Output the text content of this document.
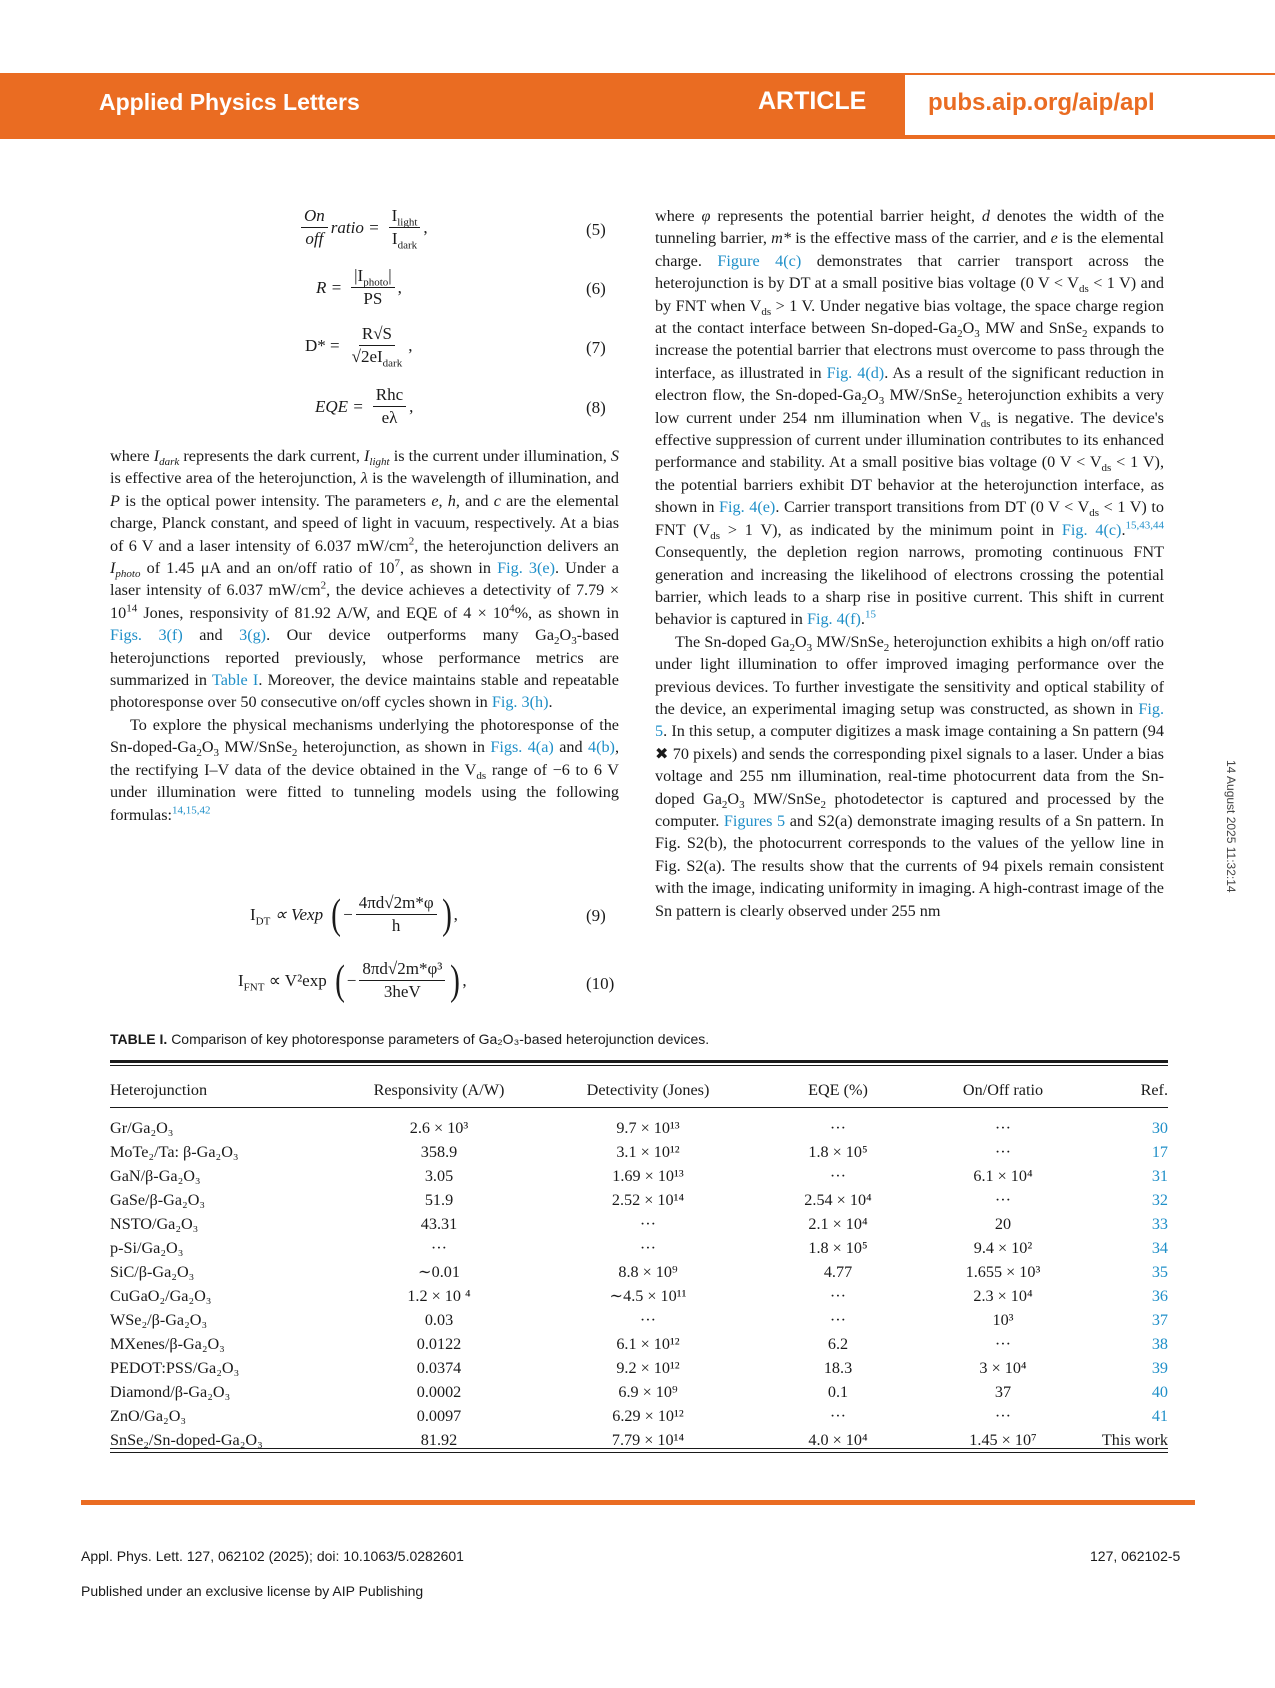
Applied Physics Letters	ARTICLE	pubs.aip.org/aip/apl
$\frac{On}{\text{off}}$ ratio = $\frac{I_{light}}{I_{dark}}$ ,	(5)
$R = \frac{|I_{photo}|}{PS}$ ,	(6)
$D* = \frac{R√S}{√2eI_{dark}}$ ,	(7)
EQE = $\frac{\text{Rhc}}{e\lambda}$ ,	(8)

where $I_{dark}$ represents the dark current, $I_{light}$ is the current under illumination, S is effective area of the heterojunction, λ is the wavelength of illumination, and P is the optical power intensity. The parameters e, h, and c are the elemental charge, Planck constant, and speed of light in vacuum, respectively. At a bias of 6 V and a laser intensity of 6.037 $mW/cm^2$, the heterojunction delivers an $I_{photo}$ of 1.45 μA and an on/off ratio of $10^7$, as shown in Fig. 3(e). Under a laser intensity of 6.037 $mW/cm^2$, the device achieves a detectivity of $7.79 \times 10^{14}$ Jones, responsivity of 81.92 A/W, and EQE of $4 \times 10^4\%$, as shown in Figs. 3(f) and 3(g). Our device outperforms many $Ga_2O_3$-based heterojunctions reported previously, whose performance metrics are summarized in Table I. Moreover, the device maintains stable and repeatable photoresponse over 50 consecutive on/off cycles shown in Fig. 3(h).

To explore the physical mechanisms underlying the photoresponse of the $Sn-doped-Ga_2O_3$ MW/SnSe$_2$ heterojunction, as shown in Figs. 4(a) and 4(b), the rectifying I–V data of the device obtained in the $V_{ds}$ range of −6 to 6 V under illumination were fitted to tunneling models using the following formulas:$^{14,15,42}$

$I_{DT} \propto Vexp$ ( − $\frac{4\pi d√2m*\varphi}{h}$ ) ,	(9)
$I_{FNT} \propto V^2\exp$ ( − $\frac{\text{8πd√2m*φ³}}{\text{3heV}}$ ) ,	(10)

where φ represents the potential barrier height, d denotes the width of the tunneling barrier, m* is the effective mass of the carrier, and e is the elemental charge. Figure 4(c) demonstrates that carrier transport across the heterojunction is by DT at a small positive bias voltage (0 $V < V_{ds} < 1$ V) and by FNT when $V_{ds} > 1$ V. Under negative bias voltage, the space charge region at the contact interface between $Sn-doped-Ga_2O_3$ MW and SnSe$_2$ expands to increase the potential barrier that electrons must overcome to pass through the interface, as illustrated in Fig. 4(d). As a result of the significant reduction in electron flow, the $Sn-doped-Ga_2O_3$ MW/SnSe$_2$ heterojunction exhibits a very low current under 254 nm illumination when $V_{ds}$ is negative. The device's effective suppression of current under illumination contributes to its enhanced performance and stability. At a small positive bias voltage (0 $V < V_{ds} < 1$ V), the potential barriers exhibit DT behavior at the heterojunction interface, as shown in Fig. 4(e). Carrier transport transitions from DT (0 $V < V_{ds} < 1$ V) to FNT ($V_{ds} > 1$ V), as indicated by the minimum point in Fig. 4(c).$^{15,43,44}$ Consequently, the depletion region narrows, promoting continuous FNT generation and increasing the likelihood of electrons crossing the potential barrier, which leads to a sharp rise in positive current. This shift in current behavior is captured in Fig. 4(f).$^{15}$

The Sn-doped $Ga_2O_3$ MW/SnSe$_2$ heterojunction exhibits a high on/off ratio under light illumination to offer improved imaging performance over the previous devices. To further investigate the sensitivity and optical stability of the device, an experimental imaging setup was constructed, as shown in Fig. 5. In this setup, a computer digitizes a mask image containing a Sn pattern (94 ✖ 70 pixels) and sends the corresponding pixel signals to a laser. Under a bias voltage and 255 nm illumination, real-time photocurrent data from the Sn-doped $Ga_2O_3$ MW/SnSe$_2$ photodetector is captured and processed by the computer. Figures 5 and S2(a) demonstrate imaging results of a Sn pattern. In Fig. S2(b), the photocurrent corresponds to the values of the yellow line in Fig. S2(a). The results show that the currents of 94 pixels remain consistent with the image, indicating uniformity in imaging. A high-contrast image of the Sn pattern is clearly observed under 255 nm

14 August 2025 11:32:14
TABLE I. Comparison of key photoresponse parameters of Ga₂O₃-based heterojunction devices.
Heterojunction	Responsivity (A/W)	Detectivity (Jones)	EQE (%)	On/Off ratio	Ref.

Gr/Ga₂O₃	2.6 × 10³	9.7 × 10¹³	···	···	30
MoTe₂/Ta: β-Ga₂O₃	358.9	3.1 × 10¹²	1.8 × 10⁵	···	17
GaN/β-Ga₂O₃	3.05	1.69 × 10¹³	···	6.1 × 10⁴	31
GaSe/β-Ga₂O₃	51.9	2.52 × 10¹⁴	2.54 × 10⁴	···	32
NSTO/Ga₂O₃	43.31	···	2.1 × 10⁴	20	33
p-Si/Ga₂O₃	···	···	1.8 × 10⁵	9.4 × 10²	34
SiC/β-Ga₂O₃	∼0.01	8.8 × 10⁹	4.77	1.655 × 10³	35
CuGaO₂/Ga₂O₃	1.2 × 10 ⁴	∼4.5 × 10¹¹	···	2.3 × 10⁴	36
WSe₂/β-Ga₂O₃	0.03	···	···	10³	37
MXenes/β-Ga₂O₃	0.0122	6.1 × 10¹²	6.2	···	38
PEDOT:PSS/Ga₂O₃	0.0374	9.2 × 10¹²	18.3	3 × 10⁴	39
Diamond/β-Ga₂O₃	0.0002	6.9 × 10⁹	0.1	37	40
ZnO/Ga₂O₃	0.0097	6.29 × 10¹²	···	···	41
SnSe₂/Sn-doped-Ga₂O₃	81.92	7.79 × 10¹⁴	4.0 × 10⁴	1.45 × 10⁷	This work
Appl. Phys. Lett. 127, 062102 (2025); doi: 10.1063/5.0282601	127, 062102-5
Published under an exclusive license by AIP Publishing
